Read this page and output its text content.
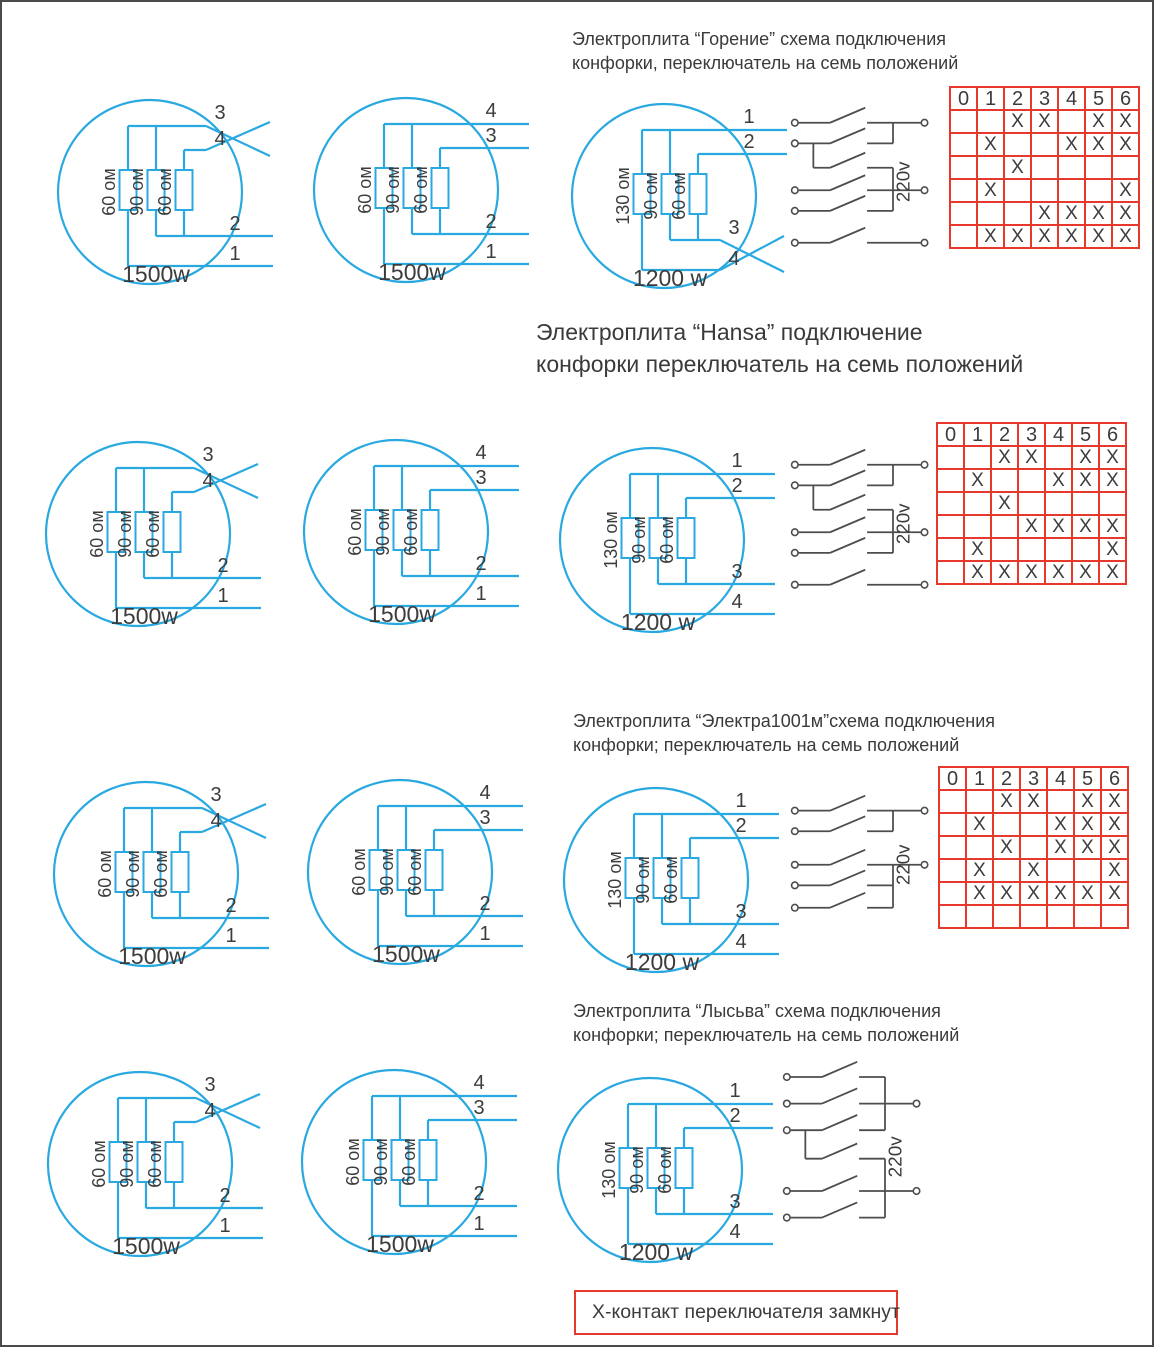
Электроплита “Горение” схема подключения
конфорки, переключатель на семь положений
3
4
2
1
60 ом 90 ом 60 ом
1500w
4
3
2
1
60 ом 90 ом 60 ом
1500w
1
2
3
4
130 ом 90 ом 60 ом
1200 w
220v
0	1	2	3	4	5	6
		X	X		X	X
	X			X	X	X
		X				
	X					X
			X	X	X	X
	X	X	X	X	X	X
Электроплита “Hansa” подключение
конфорки переключатель на семь положений
3
4
2
1
60 ом 90 ом 60 ом
1500w
4
3
2
1
60 ом 90 ом 60 ом
1500w
1
2
3
4
130 ом 90 ом 60 ом
1200 w
220v
0	1	2	3	4	5	6
		X	X		X	X
	X			X	X	X
		X				
			X	X	X	X
	X					X
	X	X	X	X	X	X
Электроплита “Электра1001м”схема подключения
конфорки; переключатель на семь положений
3
4
2
1
60 ом 90 ом 60 ом
1500w
4
3
2
1
60 ом 90 ом 60 ом
1500w
1
2
3
4
130 ом 90 ом 60 ом
1200 w
220v
0	1	2	3	4	5	6
		X	X		X	X
	X			X	X	X
		X		X	X	X
	X		X			X
	X	X	X	X	X	X

Электроплита “Лысьва” схема подключения
конфорки; переключатель на семь положений
3
4
2
1
60 ом 90 ом 60 ом
1500w
4
3
2
1
60 ом 90 ом 60 ом
1500w
1
2
3
4
130 ом 90 ом 60 ом
1200 w
220v
Х-контакт переключателя замкнут
